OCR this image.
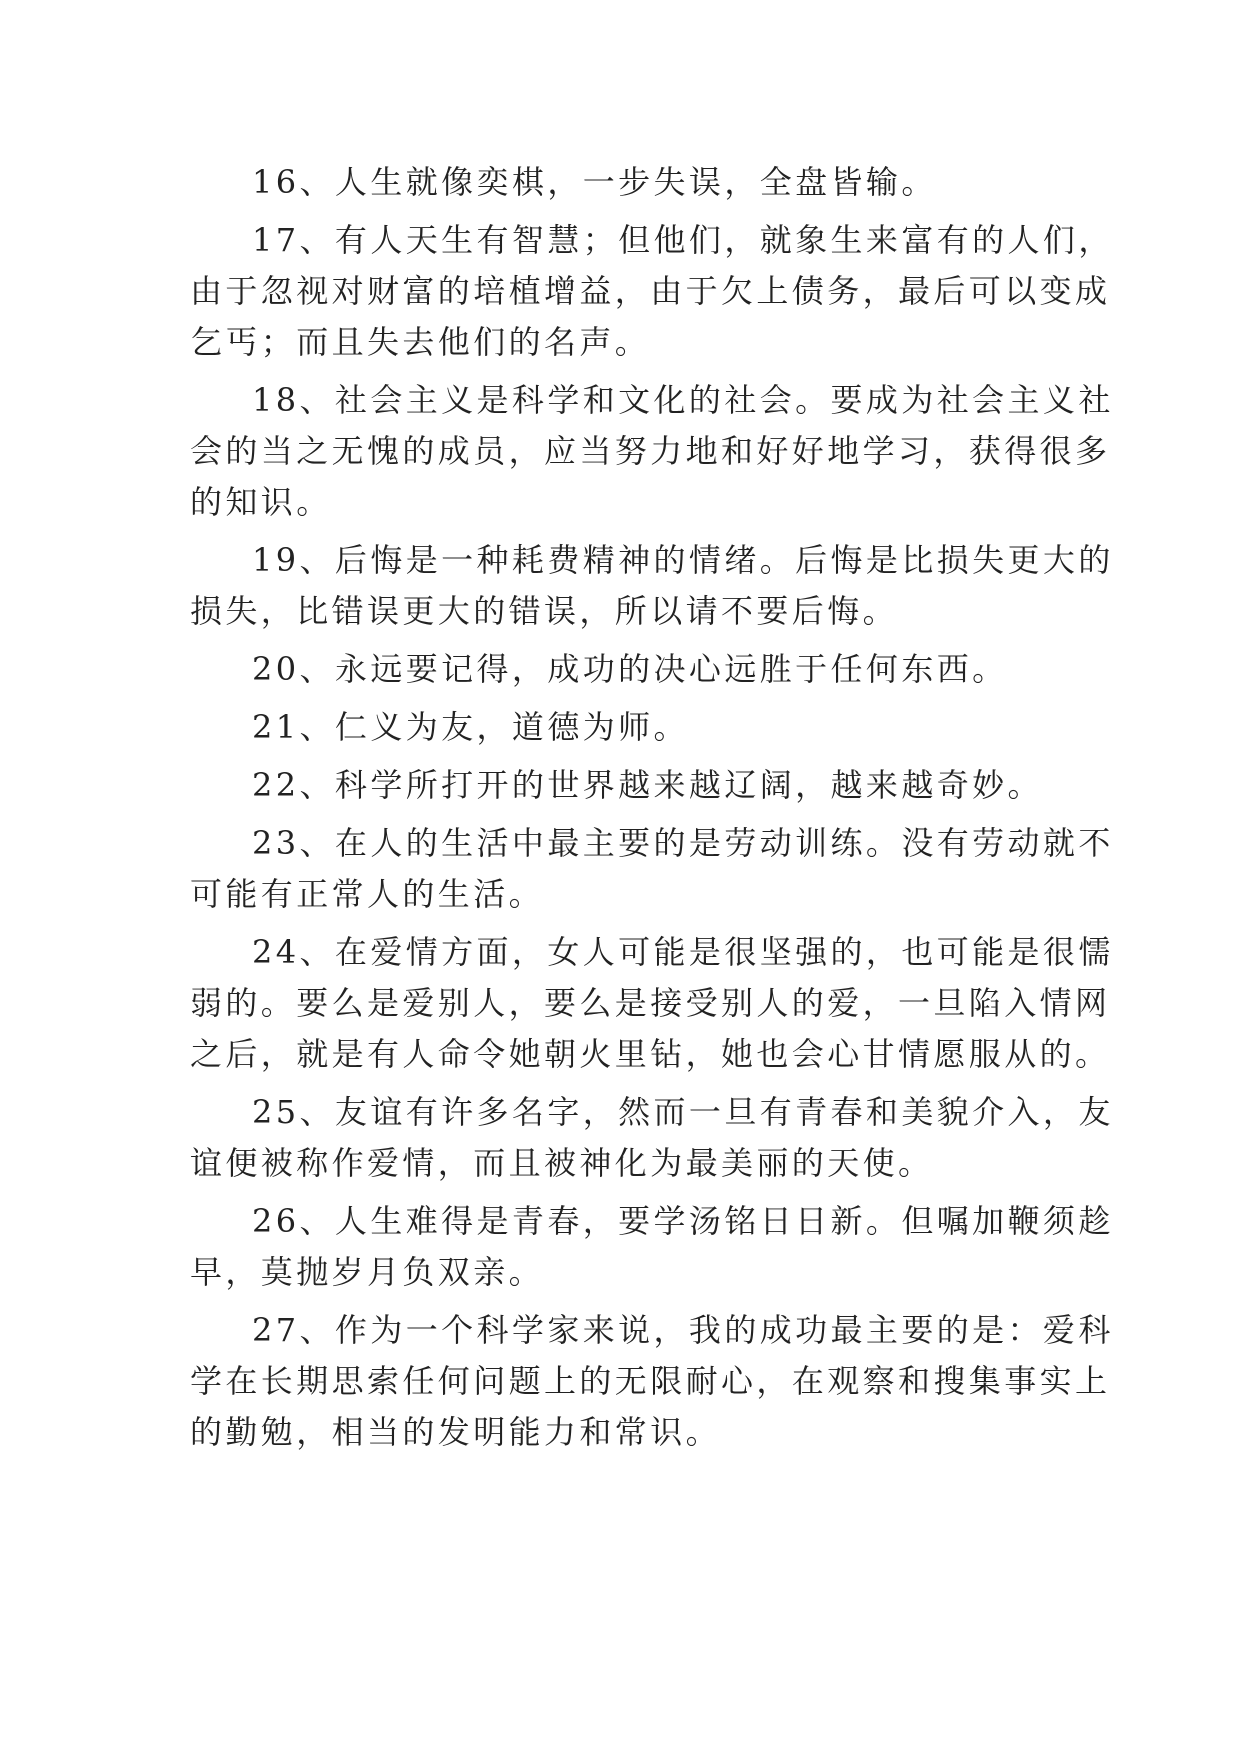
16、人生就像奕棋，一步失误，全盘皆输。
17、有人天生有智慧；但他们，就象生来富有的人们，
由于忽视对财富的培植增益，由于欠上债务，最后可以变成
乞丐；而且失去他们的名声。
18、社会主义是科学和文化的社会。要成为社会主义社
会的当之无愧的成员，应当努力地和好好地学习，获得很多
的知识。
19、后悔是一种耗费精神的情绪。后悔是比损失更大的
损失，比错误更大的错误，所以请不要后悔。
20、永远要记得，成功的决心远胜于任何东西。
21、仁义为友，道德为师。
22、科学所打开的世界越来越辽阔，越来越奇妙。
23、在人的生活中最主要的是劳动训练。没有劳动就不
可能有正常人的生活。
24、在爱情方面，女人可能是很坚强的，也可能是很懦
弱的。要么是爱别人，要么是接受别人的爱，一旦陷入情网
之后，就是有人命令她朝火里钻，她也会心甘情愿服从的。
25、友谊有许多名字，然而一旦有青春和美貌介入，友
谊便被称作爱情，而且被神化为最美丽的天使。
26、人生难得是青春，要学汤铭日日新。但嘱加鞭须趁
早，莫抛岁月负双亲。
27、作为一个科学家来说，我的成功最主要的是：爱科
学在长期思索任何问题上的无限耐心，在观察和搜集事实上
的勤勉，相当的发明能力和常识。
